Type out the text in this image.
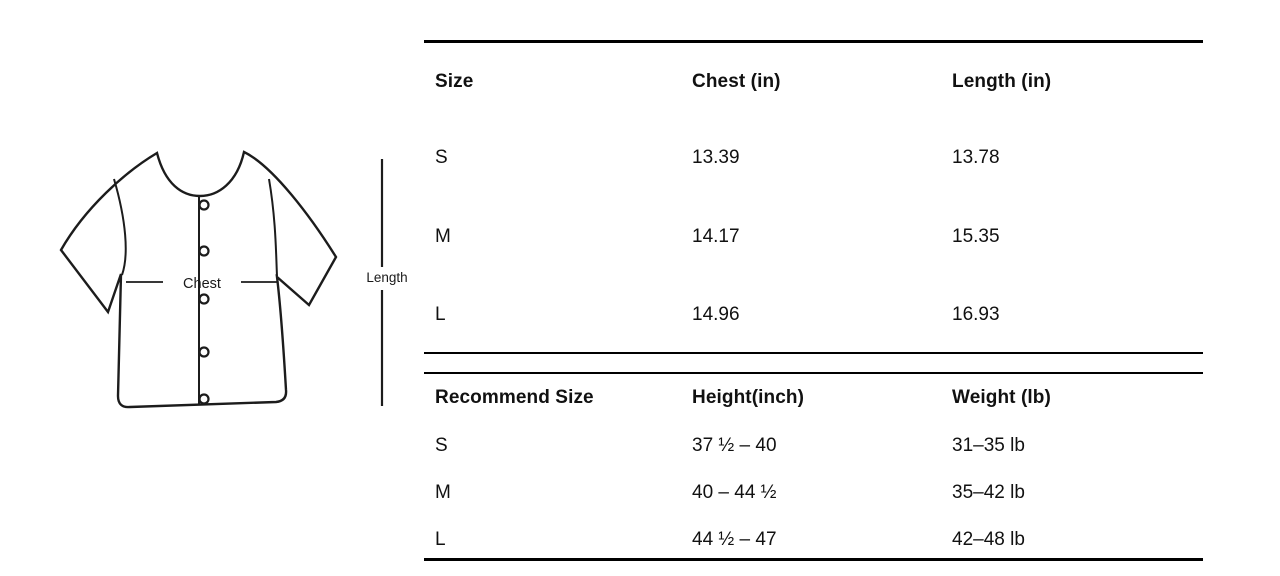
Chest	Length
Size	Chest (in)	Length (in)
S	13.39	13.78
M	14.17	15.35
L	14.96	16.93
Recommend Size	Height(inch)	Weight (lb)
S	37 ½ – 40	31–35 lb
M	40 – 44 ½	35–42 lb
L	44 ½ – 47	42–48 lb
